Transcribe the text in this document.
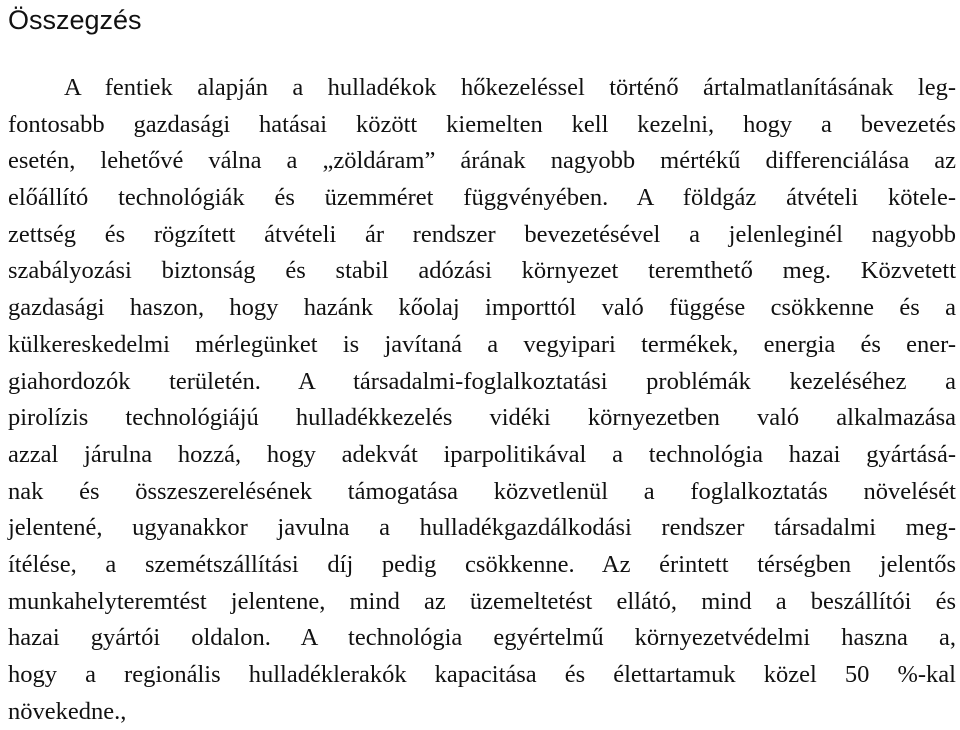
Összegzés
A fentiek alapján a hulladékok hőkezeléssel történő ártalmatlanításának leg-
fontosabb gazdasági hatásai között kiemelten kell kezelni, hogy a bevezetés
esetén, lehetővé válna a „zöldáram” árának nagyobb mértékű differenciálása az
előállító technológiák és üzemméret függvényében. A földgáz átvételi kötele-
zettség és rögzített átvételi ár rendszer bevezetésével a jelenleginél nagyobb
szabályozási biztonság és stabil adózási környezet teremthető meg. Közvetett
gazdasági haszon, hogy hazánk kőolaj importtól való függése csökkenne és a
külkereskedelmi mérlegünket is javítaná a vegyipari termékek, energia és ener-
giahordozók területén. A társadalmi-foglalkoztatási problémák kezeléséhez a
pirolízis technológiájú hulladékkezelés vidéki környezetben való alkalmazása
azzal járulna hozzá, hogy adekvát iparpolitikával a technológia hazai gyártásá-
nak és összeszerelésének támogatása közvetlenül a foglalkoztatás növelését
jelentené, ugyanakkor javulna a hulladékgazdálkodási rendszer társadalmi meg-
ítélése, a szemétszállítási díj pedig csökkenne. Az érintett térségben jelentős
munkahelyteremtést jelentene, mind az üzemeltetést ellátó, mind a beszállítói és
hazai gyártói oldalon. A technológia egyértelmű környezetvédelmi haszna a,
hogy a regionális hulladéklerakók kapacitása és élettartamuk közel 50 %-kal
növekedne.,
